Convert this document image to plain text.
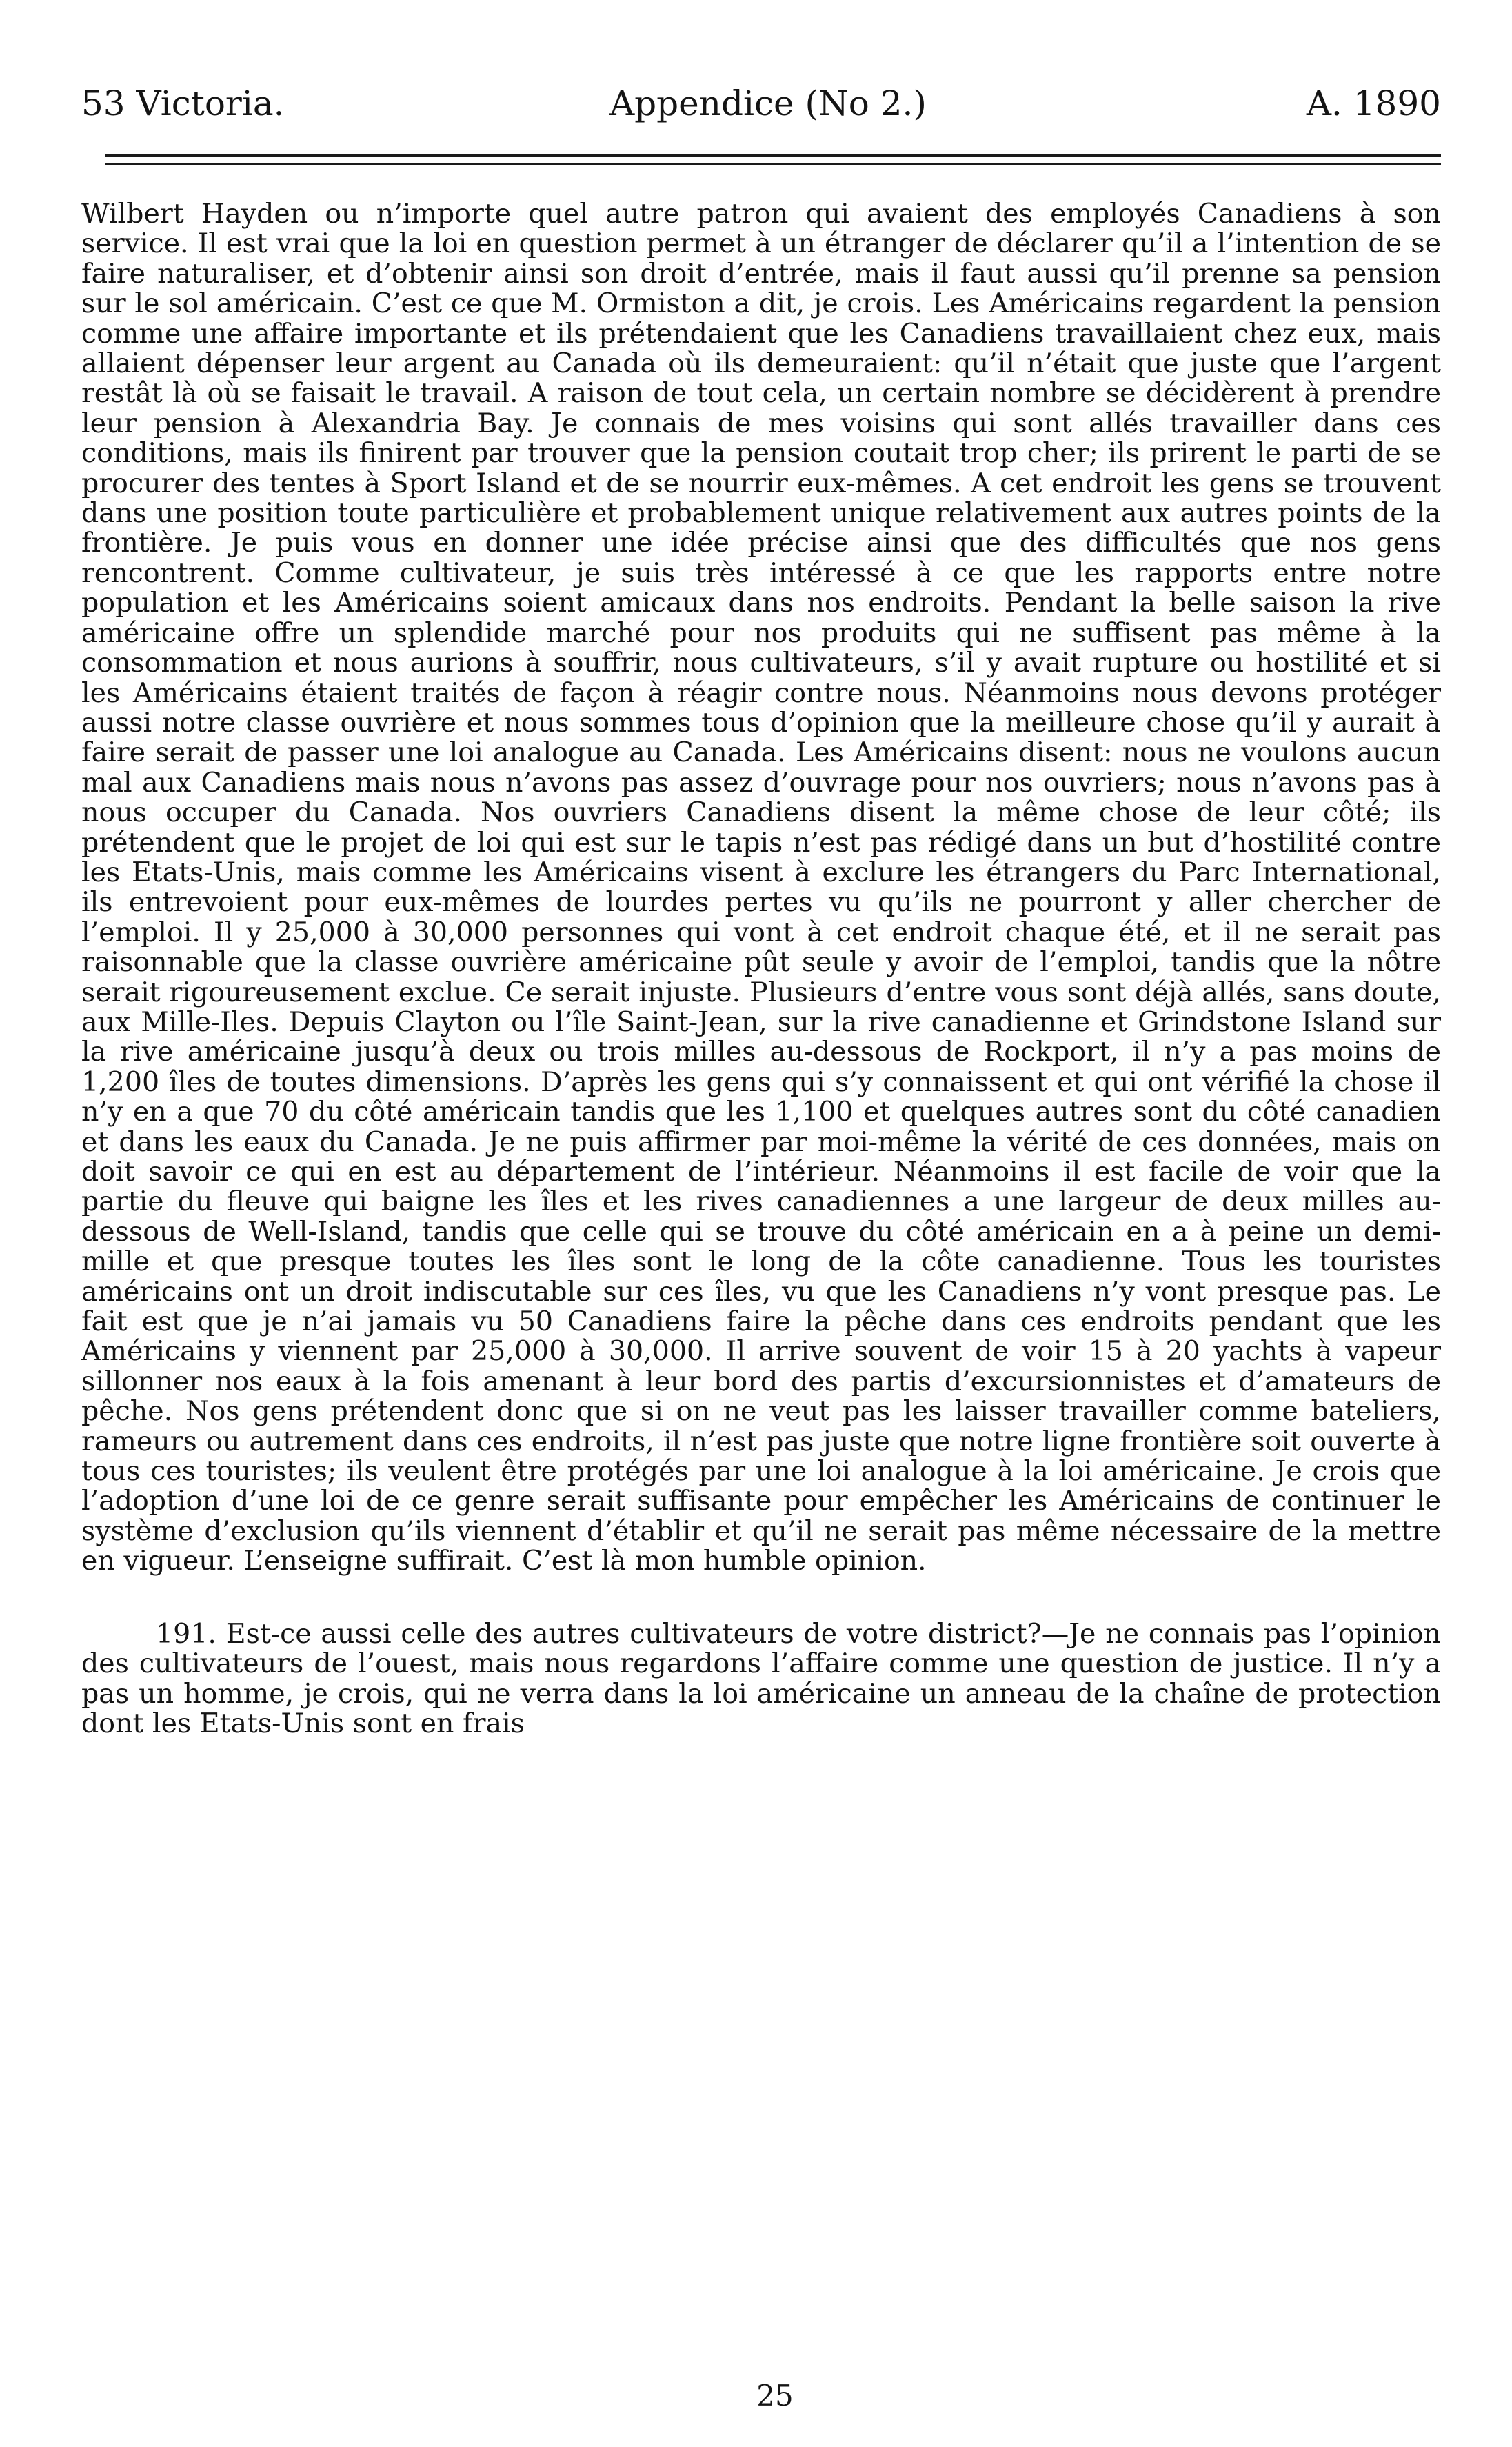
53 Victoria.	Appendice (No 2.)	A. 1890

Wilbert Hayden ou n’importe quel autre patron qui avaient des employés Canadiens à son service. Il est vrai que la loi en question permet à un étranger de déclarer qu’il a l’intention de se faire naturaliser, et d’obtenir ainsi son droit d’entrée, mais il faut aussi qu’il prenne sa pension sur le sol américain. C’est ce que M. Ormiston a dit, je crois. Les Américains regardent la pension comme une affaire importante et ils prétendaient que les Canadiens travaillaient chez eux, mais allaient dépenser leur argent au Canada où ils demeuraient: qu’il n’était que juste que l’argent restât là où se faisait le travail. A raison de tout cela, un certain nombre se décidèrent à prendre leur pension à Alexandria Bay. Je connais de mes voisins qui sont allés travailler dans ces conditions, mais ils finirent par trouver que la pension coutait trop cher; ils prirent le parti de se procurer des tentes à Sport Island et de se nourrir eux-mêmes. A cet endroit les gens se trouvent dans une position toute particulière et probablement unique relativement aux autres points de la frontière. Je puis vous en donner une idée précise ainsi que des difficultés que nos gens rencontrent. Comme cultivateur, je suis très intéressé à ce que les rapports entre notre population et les Américains soient amicaux dans nos endroits. Pendant la belle saison la rive américaine offre un splendide marché pour nos produits qui ne suffisent pas même à la consommation et nous aurions à souffrir, nous cultivateurs, s’il y avait rupture ou hostilité et si les Américains étaient traités de façon à réagir contre nous. Néanmoins nous devons protéger aussi notre classe ouvrière et nous sommes tous d’opinion que la meilleure chose qu’il y aurait à faire serait de passer une loi analogue au Canada. Les Américains disent: nous ne voulons aucun mal aux Canadiens mais nous n’avons pas assez d’ouvrage pour nos ouvriers; nous n’avons pas à nous occuper du Canada. Nos ouvriers Canadiens disent la même chose de leur côté; ils prétendent que le projet de loi qui est sur le tapis n’est pas rédigé dans un but d’hostilité contre les Etats-Unis, mais comme les Américains visent à exclure les étrangers du Parc International, ils entrevoient pour eux-mêmes de lourdes pertes vu qu’ils ne pourront y aller chercher de l’emploi. Il y 25,000 à 30,000 personnes qui vont à cet endroit chaque été, et il ne serait pas raisonnable que la classe ouvrière américaine pût seule y avoir de l’emploi, tandis que la nôtre serait rigoureusement exclue. Ce serait injuste. Plusieurs d’entre vous sont déjà allés, sans doute, aux Mille-Iles. Depuis Clayton ou l’île Saint-Jean, sur la rive canadienne et Grindstone Island sur la rive américaine jusqu’à deux ou trois milles au-dessous de Rockport, il n’y a pas moins de 1,200 îles de toutes dimensions. D’après les gens qui s’y connaissent et qui ont vérifié la chose il n’y en a que 70 du côté américain tandis que les 1,100 et quelques autres sont du côté canadien et dans les eaux du Canada. Je ne puis affirmer par moi-même la vérité de ces données, mais on doit savoir ce qui en est au département de l’intérieur. Néanmoins il est facile de voir que la partie du fleuve qui baigne les îles et les rives canadiennes a une largeur de deux milles au-dessous de Well-Island, tandis que celle qui se trouve du côté américain en a à peine un demi-mille et que presque toutes les îles sont le long de la côte canadienne. Tous les touristes américains ont un droit indiscutable sur ces îles, vu que les Canadiens n’y vont presque pas. Le fait est que je n’ai jamais vu 50 Canadiens faire la pêche dans ces endroits pendant que les Américains y viennent par 25,000 à 30,000. Il arrive souvent de voir 15 à 20 yachts à vapeur sillonner nos eaux à la fois amenant à leur bord des partis d’excursionnistes et d’amateurs de pêche. Nos gens prétendent donc que si on ne veut pas les laisser travailler comme bateliers, rameurs ou autrement dans ces endroits, il n’est pas juste que notre ligne frontière soit ouverte à tous ces touristes; ils veulent être protégés par une loi analogue à la loi américaine. Je crois que l’adoption d’une loi de ce genre serait suffisante pour empêcher les Américains de continuer le système d’exclusion qu’ils viennent d’établir et qu’il ne serait pas même nécessaire de la mettre en vigueur. L’enseigne suffirait. C’est là mon humble opinion.

191. Est-ce aussi celle des autres cultivateurs de votre district?—Je ne connais pas l’opinion des cultivateurs de l’ouest, mais nous regardons l’affaire comme une question de justice. Il n’y a pas un homme, je crois, qui ne verra dans la loi américaine un anneau de la chaîne de protection dont les Etats-Unis sont en frais

25
